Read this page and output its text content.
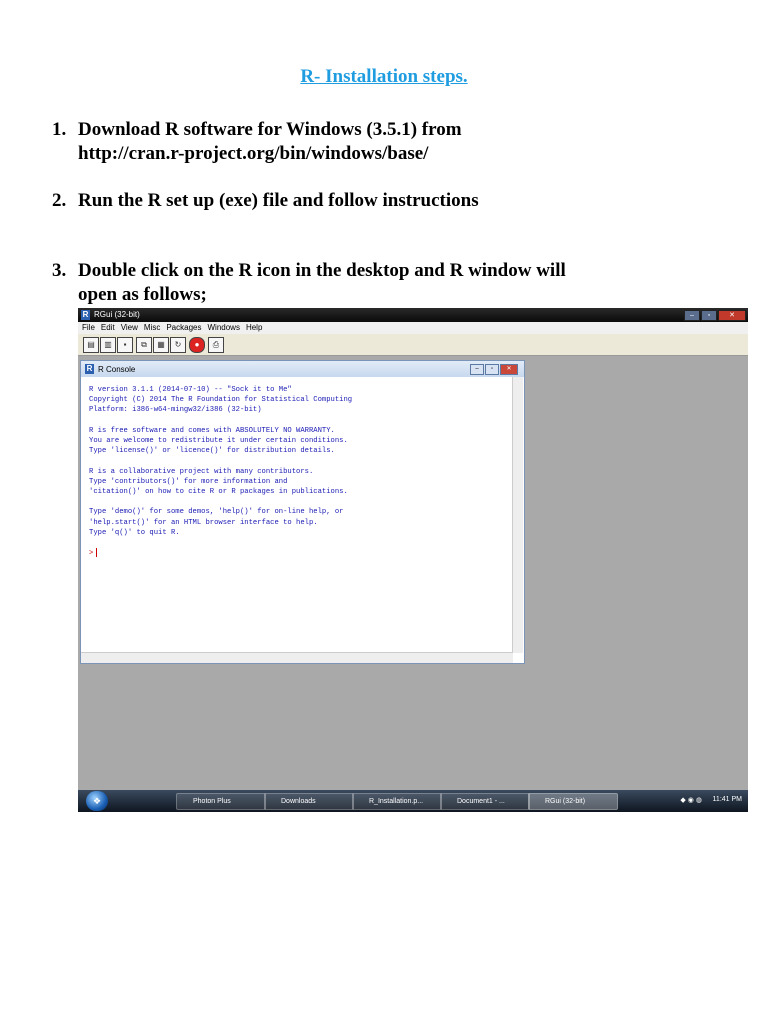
R- Installation steps.
1. Download R software for Windows (3.5.1) from
http://cran.r-project.org/bin/windows/base/
2. Run the R set up (exe) file and follow instructions
3. Double click on the R icon in the desktop and R window will
open as follows;
R RGui (32-bit)	–	▫	✕
File Edit View Misc Packages Windows Help
▤	▥	▪	⧉	▦	↻	●	⎙
R R Console	–	▫	✕
R version 3.1.1 (2014-07-10) -- "Sock it to Me"
Copyright (C) 2014 The R Foundation for Statistical Computing
Platform: i386-w64-mingw32/i386 (32-bit)

R is free software and comes with ABSOLUTELY NO WARRANTY.
You are welcome to redistribute it under certain conditions.
Type 'license()' or 'licence()' for distribution details.

R is a collaborative project with many contributors.
Type 'contributors()' for more information and
'citation()' on how to cite R or R packages in publications.

Type 'demo()' for some demos, 'help()' for on-line help, or
'help.start()' for an HTML browser interface to help.
Type 'q()' to quit R.

>
❖	Photon Plus	Downloads	R_Installation.p...	Document1 - ...	RGui (32-bit)	◆◉◍ 11:41 PM
